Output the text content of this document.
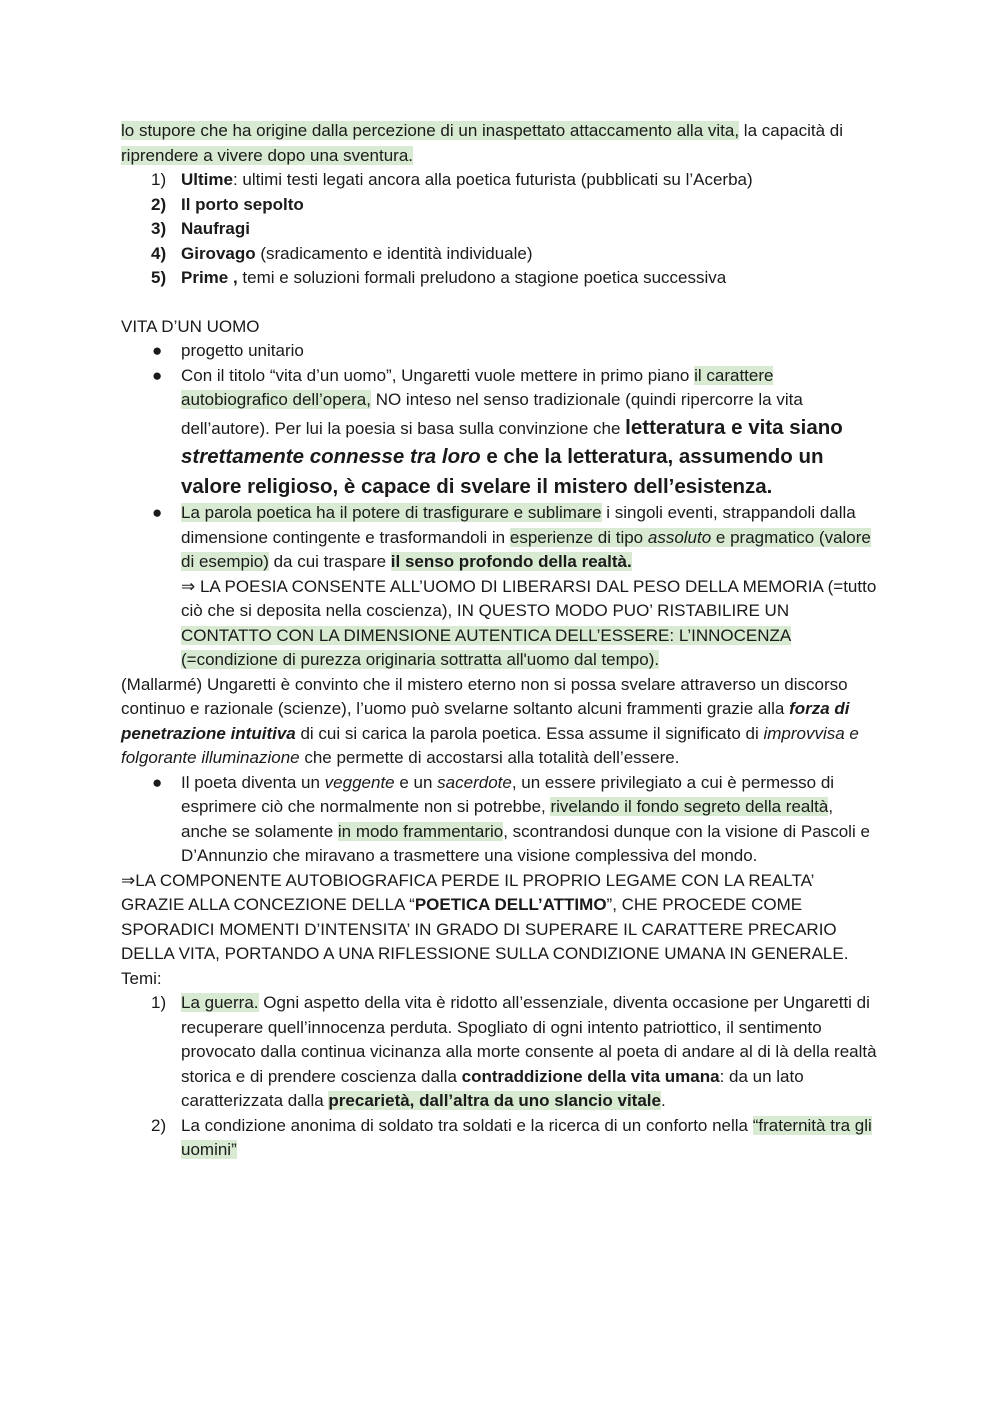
lo stupore che ha origine dalla percezione di un inaspettato attaccamento alla vita, la capacità di riprendere a vivere dopo una sventura.

1) Ultime: ultimi testi legati ancora alla poetica futurista (pubblicati su l’Acerba)
2) Il porto sepolto
3) Naufragi
4) Girovago (sradicamento e identità individuale)
5) Prime , temi e soluzioni formali preludono a stagione poetica successiva

VITA D’UN UOMO

● progetto unitario
● Con il titolo “vita d’un uomo”, Ungaretti vuole mettere in primo piano il carattere autobiografico dell’opera, NO inteso nel senso tradizionale (quindi ripercorre la vita dell’autore). Per lui la poesia si basa sulla convinzione che letteratura e vita siano strettamente connesse tra loro e che la letteratura, assumendo un valore religioso, è capace di svelare il mistero dell’esistenza.
● La parola poetica ha il potere di trasfigurare e sublimare i singoli eventi, strappandoli dalla dimensione contingente e trasformandoli in esperienze di tipo assoluto e pragmatico (valore di esempio) da cui traspare il senso profondo della realtà.
⇒ LA POESIA CONSENTE ALL’UOMO DI LIBERARSI DAL PESO DELLA MEMORIA (=tutto ciò che si deposita nella coscienza), IN QUESTO MODO PUO’ RISTABILIRE UN CONTATTO CON LA DIMENSIONE AUTENTICA DELL’ESSERE: L’INNOCENZA (=condizione di purezza originaria sottratta all'uomo dal tempo).

(Mallarmé) Ungaretti è convinto che il mistero eterno non si possa svelare attraverso un discorso continuo e razionale (scienze), l’uomo può svelarne soltanto alcuni frammenti grazie alla forza di penetrazione intuitiva di cui si carica la parola poetica. Essa assume il significato di improvvisa e folgorante illuminazione che permette di accostarsi alla totalità dell’essere.

● Il poeta diventa un veggente e un sacerdote, un essere privilegiato a cui è permesso di esprimere ciò che normalmente non si potrebbe, rivelando il fondo segreto della realtà, anche se solamente in modo frammentario, scontrandosi dunque con la visione di Pascoli e D’Annunzio che miravano a trasmettere una visione complessiva del mondo.

⇒LA COMPONENTE AUTOBIOGRAFICA PERDE IL PROPRIO LEGAME CON LA REALTA’ GRAZIE ALLA CONCEZIONE DELLA “POETICA DELL’ATTIMO”, CHE PROCEDE COME SPORADICI MOMENTI D’INTENSITA’ IN GRADO DI SUPERARE IL CARATTERE PRECARIO DELLA VITA, PORTANDO A UNA RIFLESSIONE SULLA CONDIZIONE UMANA IN GENERALE.

Temi:

1) La guerra. Ogni aspetto della vita è ridotto all’essenziale, diventa occasione per Ungaretti di recuperare quell’innocenza perduta. Spogliato di ogni intento patriottico, il sentimento provocato dalla continua vicinanza alla morte consente al poeta di andare al di là della realtà storica e di prendere coscienza dalla contraddizione della vita umana: da un lato caratterizzata dalla precarietà, dall’altra da uno slancio vitale.
2) La condizione anonima di soldato tra soldati e la ricerca di un conforto nella “fraternità tra gli uomini”
